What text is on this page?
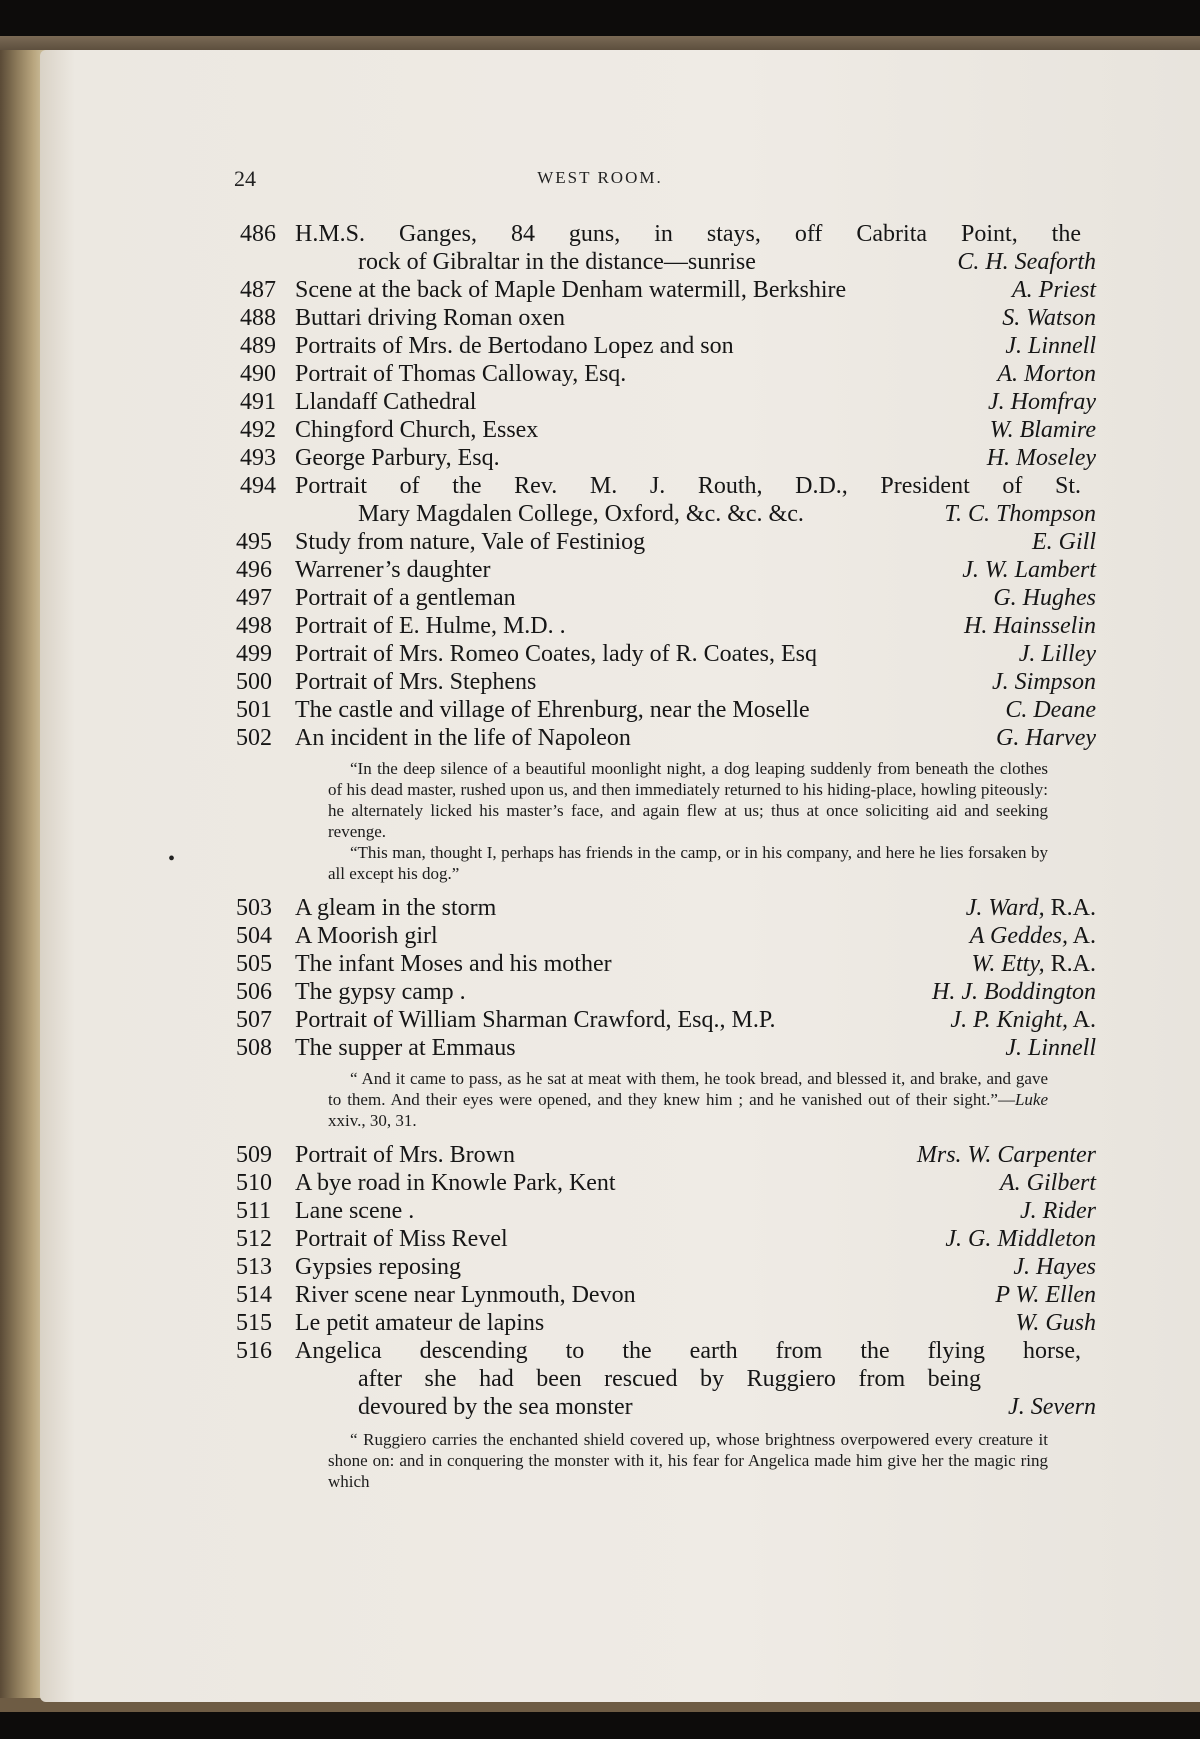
24	WEST ROOM.
486 H.M.S. Ganges, 84 guns, in stays, off Cabrita Point, the
rock of Gibraltar in the distance—sunrise	C. H. Seaforth
487 Scene at the back of Maple Denham watermill, Berkshire	A. Priest
488 Buttari driving Roman oxen	S. Watson
489 Portraits of Mrs. de Bertodano Lopez and son	J. Linnell
490 Portrait of Thomas Calloway, Esq.	A. Morton
491 Llandaff Cathedral	J. Homfray
492 Chingford Church, Essex	W. Blamire
493 George Parbury, Esq.	H. Moseley
494 Portrait of the Rev. M. J. Routh, D.D., President of St.
Mary Magdalen College, Oxford, &c. &c. &c.	T. C. Thompson
495 Study from nature, Vale of Festiniog	E. Gill
496 Warrener’s daughter	J. W. Lambert
497 Portrait of a gentleman	G. Hughes
498 Portrait of E. Hulme, M.D. .	H. Hainsselin
499 Portrait of Mrs. Romeo Coates, lady of R. Coates, Esq	J. Lilley
500 Portrait of Mrs. Stephens	J. Simpson
501 The castle and village of Ehrenburg, near the Moselle	C. Deane
502 An incident in the life of Napoleon	G. Harvey

“In the deep silence of a beautiful moonlight night, a dog leaping suddenly from beneath the clothes of his dead master, rushed upon us, and then immediately returned to his hiding-place, howling piteously: he alternately licked his master’s face, and again flew at us; thus at once soliciting aid and seeking revenge.

“This man, thought I, perhaps has friends in the camp, or in his company, and here he lies forsaken by all except his dog.”

503 A gleam in the storm	J. Ward, R.A.
504 A Moorish girl	A Geddes, A.
505 The infant Moses and his mother	W. Etty, R.A.
506 The gypsy camp .	H. J. Boddington
507 Portrait of William Sharman Crawford, Esq., M.P.	J. P. Knight, A.
508 The supper at Emmaus	J. Linnell

“ And it came to pass, as he sat at meat with them, he took bread, and blessed it, and brake, and gave to them. And their eyes were opened, and they knew him ; and he vanished out of their sight.”—Luke xxiv., 30, 31.

509 Portrait of Mrs. Brown	Mrs. W. Carpenter
510 A bye road in Knowle Park, Kent	A. Gilbert
511 Lane scene .	J. Rider
512 Portrait of Miss Revel	J. G. Middleton
513 Gypsies reposing	J. Hayes
514 River scene near Lynmouth, Devon	P W. Ellen
515 Le petit amateur de lapins	W. Gush
516 Angelica descending to the earth from the flying horse,
after she had been rescued by Ruggiero from being
devoured by the sea monster	J. Severn

“ Ruggiero carries the enchanted shield covered up, whose brightness overpowered every creature it shone on: and in conquering the monster with it, his fear for Angelica made him give her the magic ring which

•
